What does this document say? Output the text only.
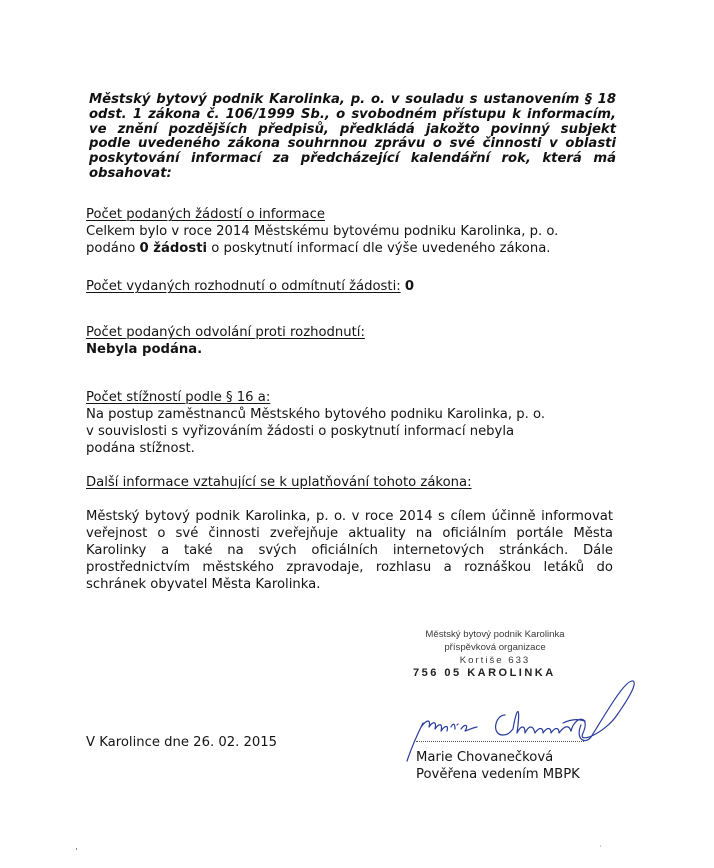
Městský bytový podnik Karolinka, p. o. v souladu s ustanovením § 18 odst. 1 zákona č. 106/1999 Sb., o svobodném přístupu k informacím, ve znění pozdějších předpisů, předkládá jakožto povinný subjekt podle uvedeného zákona souhrnnou zprávu o své činnosti v oblasti poskytování informací za předcházející kalendářní rok, která má obsahovat:
Počet podaných žádostí o informace
Celkem bylo v roce 2014 Městskému bytovému podniku Karolinka, p. o.
podáno 0 žádosti o poskytnutí informací dle výše uvedeného zákona.
Počet vydaných rozhodnutí o odmítnutí žádosti: 0
Počet podaných odvolání proti rozhodnutí:
Nebyla podána.
Počet stížností podle § 16 a:
Na postup zaměstnanců Městského bytového podniku Karolinka, p. o.
v souvislosti s vyřizováním žádosti o poskytnutí informací nebyla
podána stížnost.
Další informace vztahující se k uplatňování tohoto zákona:
Městský bytový podnik Karolinka, p. o. v roce 2014 s cílem účinně informovat veřejnost o své činnosti zveřejňuje aktuality na oficiálním portále Města Karolinky a také na svých oficiálních internetových stránkách. Dále prostřednictvím městského zpravodaje, rozhlasu a roznáškou letáků do schránek obyvatel Města Karolinka.
Městský bytový podnik Karolinka
příspěvková organizace
Kortiše 633
756 05 KAROLINKA
V Karolince dne 26. 02. 2015
Marie Chovanečková
Pověřena vedením MBPK
